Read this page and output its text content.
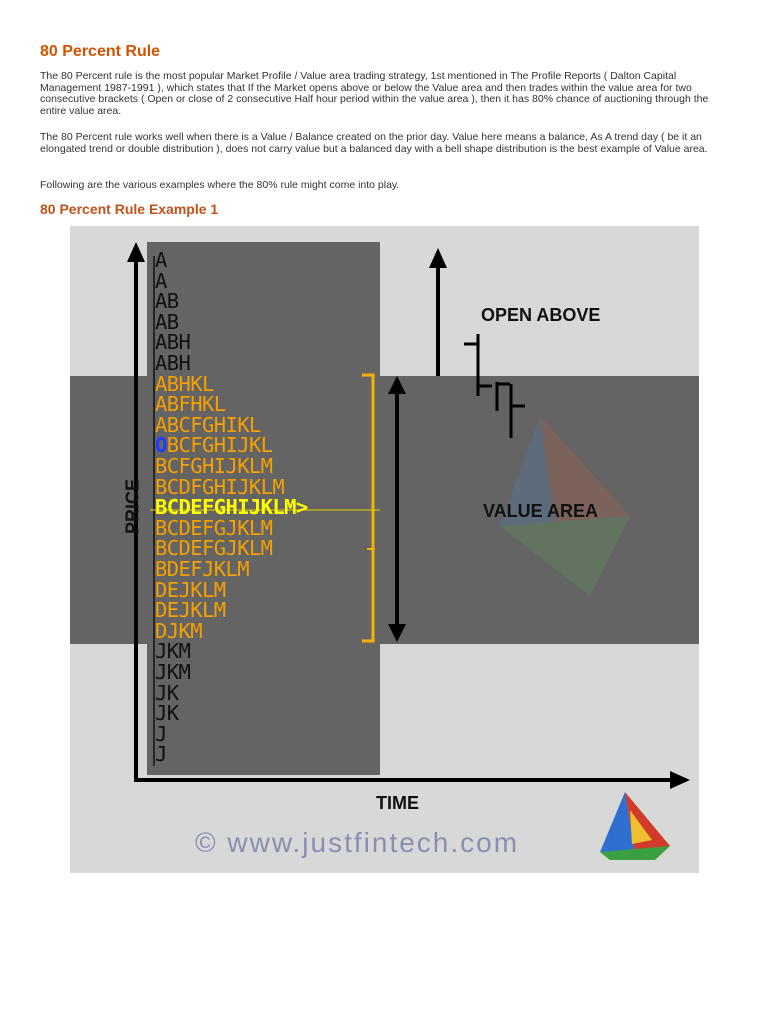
80 Percent Rule

The 80 Percent rule is the most popular Market Profile / Value area trading strategy, 1st mentioned in The Profile Reports ( Dalton Capital Management 1987-1991 ), which states that If the Market opens above or below the Value area and then trades within the value area for two consecutive brackets ( Open or close of 2 consecutive Half hour period within the value area ), then it has 80% chance of auctioning through the entire value area.

The 80 Percent rule works well when there is a Value / Balance created on the prior day. Value here means a balance, As A trend day ( be it an elongated trend or double distribution ), does not carry value but a balanced day with a bell shape distribution is the best example of Value area.

Following are the various examples where the 80% rule might come into play.

80 Percent Rule Example 1
A
A
AB
AB
ABH
ABH
ABHKL
ABFHKL
ABCFGHIKL
OBCFGHIJKL
BCFGHIJKLM
BCDFGHIJKLM
BCDEFGHIJKLM>
BCDEFGJKLM
BCDEFGJKLM
BDEFJKLM
DEJKLM
DEJKLM
DJKM
JKM
JKM
JK
JK
J
J
PRICE
TIME
OPEN ABOVE
VALUE AREA
© www.justfintech.com
